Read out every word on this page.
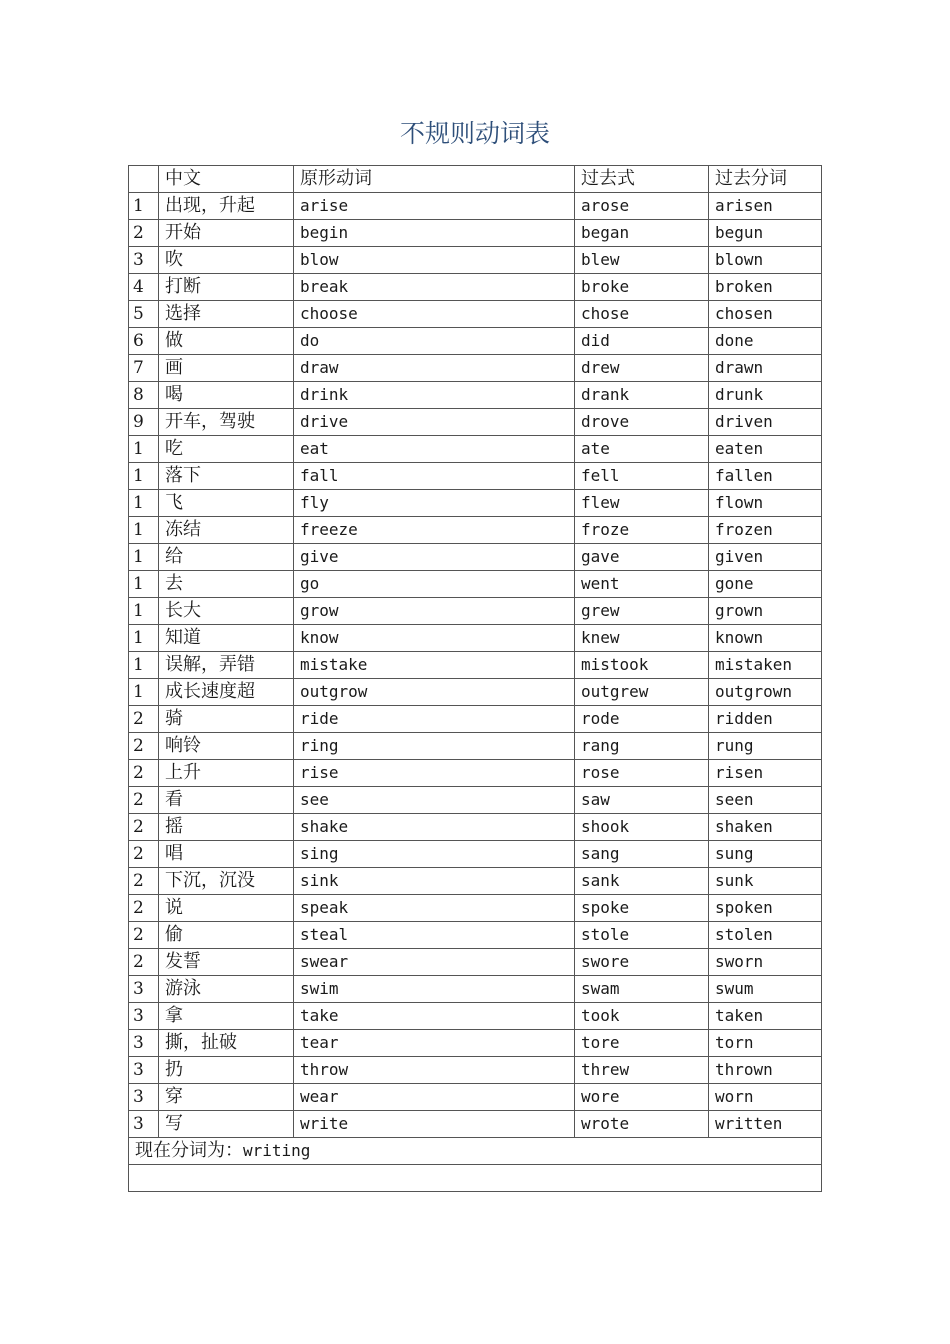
不规则动词表
	中文	原形动词	过去式	过去分词
1	出现，升起	arise	arose	arisen
2	开始	begin	began	begun
3	吹	blow	blew	blown
4	打断	break	broke	broken
5	选择	choose	chose	chosen
6	做	do	did	done
7	画	draw	drew	drawn
8	喝	drink	drank	drunk
9	开车，驾驶	drive	drove	driven
1	吃	eat	ate	eaten
1	落下	fall	fell	fallen
1	飞	fly	flew	flown
1	冻结	freeze	froze	frozen
1	给	give	gave	given
1	去	go	went	gone
1	长大	grow	grew	grown
1	知道	know	knew	known
1	误解，弄错	mistake	mistook	mistaken
1	成长速度超	outgrow	outgrew	outgrown
2	骑	ride	rode	ridden
2	响铃	ring	rang	rung
2	上升	rise	rose	risen
2	看	see	saw	seen
2	摇	shake	shook	shaken
2	唱	sing	sang	sung
2	下沉，沉没	sink	sank	sunk
2	说	speak	spoke	spoken
2	偷	steal	stole	stolen
2	发誓	swear	swore	sworn
3	游泳	swim	swam	swum
3	拿	take	took	taken
3	撕，扯破	tear	tore	torn
3	扔	throw	threw	thrown
3	穿	wear	wore	worn
3	写	write	wrote	written
现在分词为：writing				
